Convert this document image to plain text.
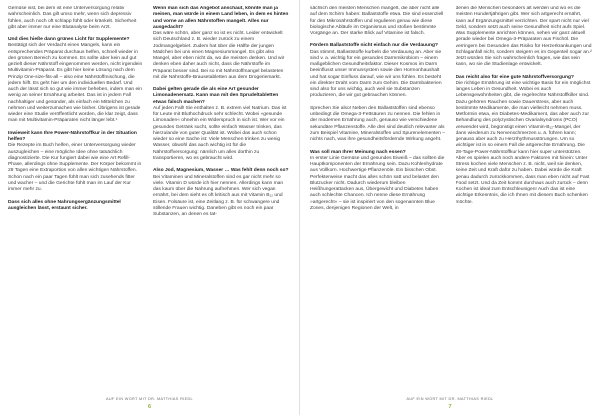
Gemüse isst, bei dem ist eine Unterversorgung relativ wahrscheinlich. Das gilt umso mehr, wenn sich depressiv fühlen, auch noch oft schlapp fühlt oder kränkelt. Sicherheit gibt aber immer nur eine Blutanalyse beim Arzt.

Und dies hieße dann grünes Licht für Supplemente?

Bestätigt sich der Verdacht eines Mangels, kann ein entsprechendes Präparat durchaus helfen, schnell wieder in den grünen Bereich zu kommen. Es sollte aber kein auf gut gezielt dieser Nährstoff eingenommen werden, nicht irgendein Multivitamin-Präparat. Es gibt hier keine Lösung nach dem Prinzip One-size-fits-all – also eine Nährstoffmischung, die jedem hilft. Es geht hier um den individuellen Bedarf. Und auch der lässt sich so gut wie immer beheben, indem man ein wenig an seiner Ernährung arbeitet. Das ist in jedem Fall nachhaltiger und gesünder, als einfach ein Mittelchen zu nehmen und weiterzumachen wie bisher. Übrigens ist gerade wieder eine Studie veröffentlicht worden, die klar zeigt, dass man mit Multivitamin-Präparaten nicht länger lebt.¹

Inwieweit kann Ihre Power-Nährstoffkur in der Situation helfen?

Die Rezepte im Buch helfen, einer Unterversorgung wieder auszugleichen – eine mögliche Idee ohne tatsächlich diagnostizierte. Die Kur fungiert dabei wie eine Art Refill-Phase, allerdings ohne Supplemente. Der Körper bekommt in 28 Tagen eine Extraportion von allen wichtigen Nährstoffen. Schon nach ein paar Tagen fühlt man sich zusehends fitter und wacher – und die Gerichte fühlt man im Lauf der Kur immer mehr zu.

Dass sich alles ohne Nahrungsergänzungsmittel ausgleichen lässt, erstaunt sicher.

Wenn man sich das Angebot anschaut, könnte man ja meinen, man würde in einem Land leben, in dem es hinten und vorne an allen Nährstoffen mangelt. Alles nur ausgedacht?

Das wäre schön, aber ganz so ist es nicht. Leider entwickelt sich Deutschland z. B. wieder zurück zu einem Jodmangelgebiet. Zudem hat über die Hälfte der jungen Mädchen bei uns einen Magnesiummangel. Es gibt also Mangel, aber eben nicht da, wo die meisten denken. Und wir denken eben daher auch nicht, dass die Nährstoffe im Präparat besser sind. Bei so mit Nährstoffmangel belasteten mit die Nährstoffe-Brausetabletten aus dem Drogeriemarkt.

Dabei gelten gerade die als eine Art gesunder Limonadenersatz. Kann man mit den Sprudeltabletten etwas falsch machen?

Auf jeden Fall! Sie enthalten z. B. extrem viel Natrium. Das ist für Leute mit Bluthochdruck sehr schlecht. Wobei »gesunde Limonaden« ohnehin ein Widerspruch in sich ist. Wer vor ein gesundes Getränk sucht, sollte einfach Wasser trinken, das hierzulande von guter Qualität ist. Wobei das auch schon wieder so eine Sache ist: Viele Menschen trinken zu wenig Wasser, obwohl das auch wichtig ist für die Nährstoffversorgung: nämlich um alles dorthin zu transportieren, wo es gebraucht wird.

Also Jod, Magnesium, Wasser … Was fehlt denn noch so?

Bei Vitaminen und Mineralstoffen sind es gar nicht mehr so viele. Vitamin D würde ich hier nennen. Allerdings kann man das kaum über die Nahrung aufnehmen. Wer sich vegan ernährt, bei dem sieht es oft kritisch aus mit Vitamin B₁₂ und Eisen. Folsäure ist, eine Zeitlang z. B. für schwangere und stillende Frauen wichtig. Daneben gibt es noch ein paar Substanzen, an denen es tat-

AUF EIN WORT MIT DR. MATTHIAS RIEDL
6

sächlich den meisten Menschen mangelt, die aber nicht alle auf dem Schirm haben: Ballaststoffe etwa. Die sind essenziell für den Mikronährstoffen und regulieren genau wie diese biologische Abläufe im Organismus und stoßen bestimmte Vorgänge an. Der starke Blick auf Vitamine ist falsch.

Fördern Ballaststoffe nicht einfach nur die Verdauung?

Das stimmt, Ballaststoffe kurbeln die Verdauung an. Aber sie sind v. a. wichtig für ein gesundes Darmmikrobiom – einem maßgeblichen Gesundheitsfaktor. Dieser Kosmos im Darm beeinflusst unser Immunsystem sowie den Hormonhaushalt und hat sogar Einfluss darauf, wie wir uns fühlen. Es besteht ein direkter Draht vom Darm zum Gehirn. Die Darmbakterien sind also für uns wichtig, auch weil sie Substanzen produzieren, die wir gut gebrauchen können.

Sprechen Sie also! Neben den Ballaststoffen sind ebenso unbedingt die Omega-3-Fettsäuren zu nennen. Die fehlen in der modernen Ernährung auch, genauso wie verschiedene sekundäre Pflanzenstoffe. Alle drei sind deutlich relevanter als zum Beispiel Vitamine, Mineralstoffen und Spurenelementen – nichts nach, was ihre gesundheitsfördernde Wirkung angeht.

Was soll man Ihrer Meinung nach essen?

In erster Linie Gemüse und gesundes Eiweiß – das sollten die Hauptkomponenten der Ernährung sein. Dazu Kohlenhydrate aus Vollkorn. Hochwertige Pflanzenöle. Ein bisschen Obst. Perfekterweise macht das alles schön satt und belastet den Blutzucker nicht. Dadurch wiederum bleiben Heißhungerattacken aus, Übergewicht und Diabetes haben auch schlechte Chancen. Ich nenne diese Ernährung »artgerecht« – sie ist inspiriert von den sogenannten Blue Zones, denjenigen Regionen der Welt, in

denen die Menschen besonders alt werden und wo es die meisten Hundertjährigen gibt. Wer sich artgerecht ernährt, kann auf Ergänzungsmittel verzichten. Der spart nicht nur viel Geld, sondern setzt auch seine Gesundheit nicht aufs Spiel. Was Supplemente anrichten können, sehen wir ganz aktuell gerade wieder bei Omega-3-Präparaten aus Fischöl. Die verringern bei Gesunden das Risiko für Herzerkrankungen und Schlaganfall nicht, sondern steigern es im Gegenteil sogar an.² Jetzt würden Sie sich wahrscheinlich fragen, wie das sein kann, wo sie die Studienlage entwickelt.

Das reicht also für eine gute Nährstoffversorgung?

Die richtige Ernährung ist eine wichtige Basis für ein möglichst langes Leben in Gesundheit. Wobei es auch Lebensgewohnheiten gibt, die regelrechte Nährstoffkiller sind. Dazu gehören Rauchen sowie Dauerstress, aber auch bestimmte Medikamente, die man vielleicht nehmen muss. Metformin etwa, ein Diabetes-Medikament, das aber auch zur Behandlung des polyzystischen Ovarialsyndroms (PCO) verwendet wird, begünstigt einen Vitamin-B₁₂-Mangel, der dann wiederum zu Nervenschmerzen u. ä. führen kann; genauso aber auch zu Herzrhythmusstörungen. Um so wichtiger ist in so einem Fall die artgerechte Ernährung. Die 28-Tage-Power-Nährstoffkur kann hier super unterstützen. Aber es spielen auch noch andere Faktoren mit hinein: Unter Stress kochen viele Menschen z. B. nicht, weil sie denken, keine Zeit und Kraft dafür zu haben. Dabei würde die Kraft genau dadurch zurückkommen, dass man eben nicht auf Fast Food setzt. Und da Zeit kommt durchaus auch zurück – denn Kochen ist ideal zum Entschleunigen! Auch das ist eine wichtige Erkenntnis, die ich Ihnen mit diesem Buch schenken möchte.

AUF EIN WORT MIT DR. MATTHIAS RIEDL
7
